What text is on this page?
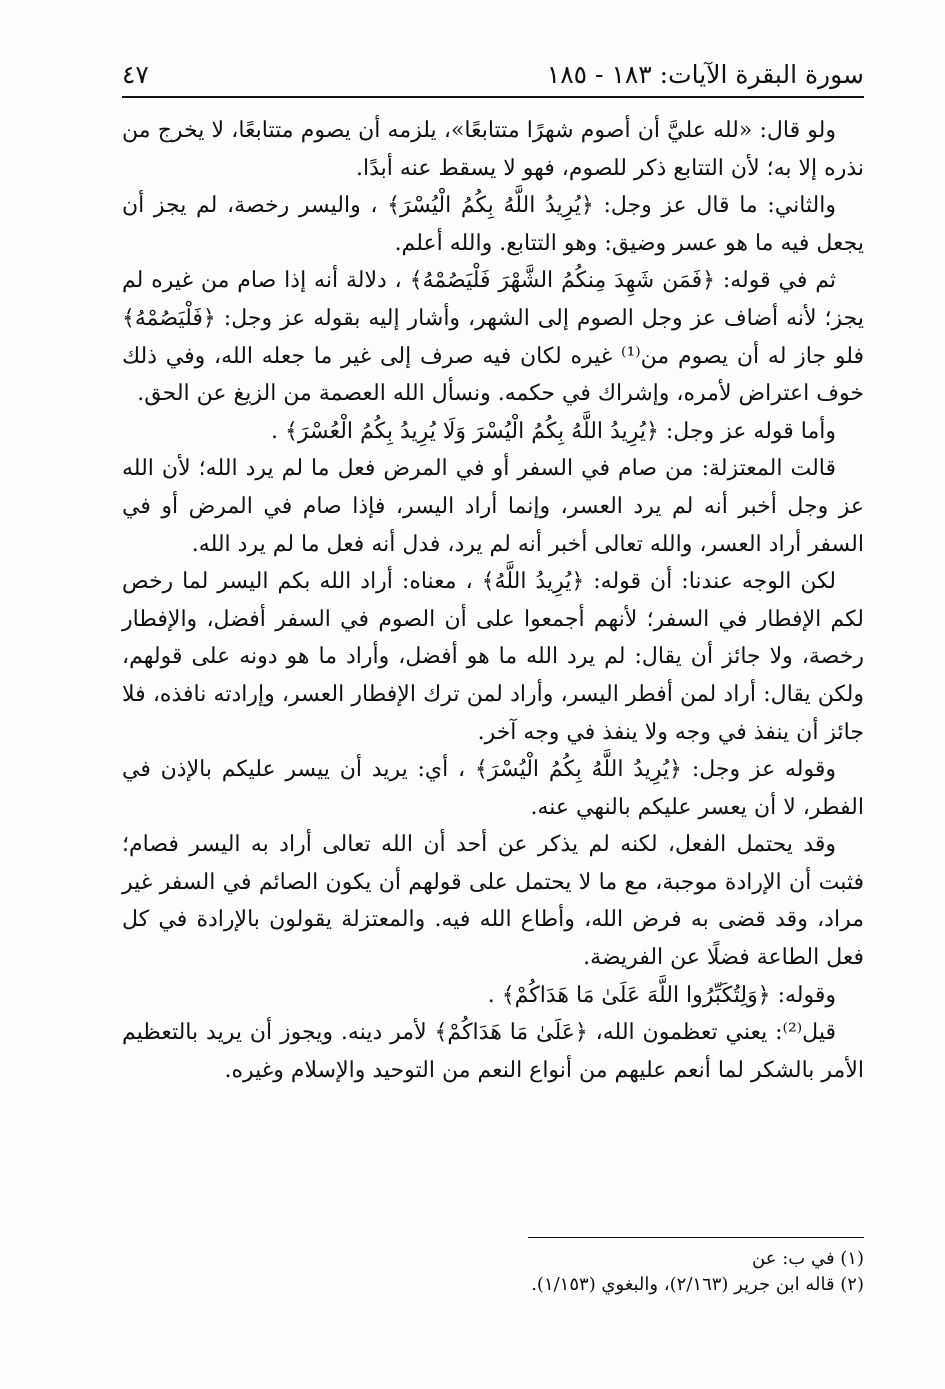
سورة البقرة الآيات: ١٨٣ - ١٨٥
٤٧

ولو قال: «لله عليَّ أن أصوم شهرًا متتابعًا»، يلزمه أن يصوم متتابعًا، لا يخرج من نذره إلا به؛ لأن التتابع ذكر للصوم، فهو لا يسقط عنه أبدًا.

والثاني: ما قال عز وجل: ﴿يُرِيدُ اللَّهُ بِكُمُ الْيُسْرَ﴾ ، واليسر رخصة، لم يجز أن يجعل فيه ما هو عسر وضيق: وهو التتابع. والله أعلم.

ثم في قوله: ﴿فَمَن شَهِدَ مِنكُمُ الشَّهْرَ فَلْيَصُمْهُ﴾ ، دلالة أنه إذا صام من غيره لم يجز؛ لأنه أضاف عز وجل الصوم إلى الشهر، وأشار إليه بقوله عز وجل: ﴿فَلْيَصُمْهُ﴾ فلو جاز له أن يصوم من⁽¹⁾ غيره لكان فيه صرف إلى غير ما جعله الله، وفي ذلك خوف اعتراض لأمره، وإشراك في حكمه. ونسأل الله العصمة من الزيغ عن الحق.

وأما قوله عز وجل: ﴿يُرِيدُ اللَّهُ بِكُمُ الْيُسْرَ وَلَا يُرِيدُ بِكُمُ الْعُسْرَ﴾ .

قالت المعتزلة: من صام في السفر أو في المرض فعل ما لم يرد الله؛ لأن الله عز وجل أخبر أنه لم يرد العسر، وإنما أراد اليسر، فإذا صام في المرض أو في السفر أراد العسر، والله تعالى أخبر أنه لم يرد، فدل أنه فعل ما لم يرد الله.

لكن الوجه عندنا: أن قوله: ﴿يُرِيدُ اللَّهُ﴾ ، معناه: أراد الله بكم اليسر لما رخص لكم الإفطار في السفر؛ لأنهم أجمعوا على أن الصوم في السفر أفضل، والإفطار رخصة، ولا جائز أن يقال: لم يرد الله ما هو أفضل، وأراد ما هو دونه على قولهم، ولكن يقال: أراد لمن أفطر اليسر، وأراد لمن ترك الإفطار العسر، وإرادته نافذه، فلا جائز أن ينفذ في وجه ولا ينفذ في وجه آخر.

وقوله عز وجل: ﴿يُرِيدُ اللَّهُ بِكُمُ الْيُسْرَ﴾ ، أي: يريد أن ييسر عليكم بالإذن في الفطر، لا أن يعسر عليكم بالنهي عنه.

وقد يحتمل الفعل، لكنه لم يذكر عن أحد أن الله تعالى أراد به اليسر فصام؛ فثبت أن الإرادة موجبة، مع ما لا يحتمل على قولهم أن يكون الصائم في السفر غير مراد، وقد قضى به فرض الله، وأطاع الله فيه. والمعتزلة يقولون بالإرادة في كل فعل الطاعة فضلًا عن الفريضة.

وقوله: ﴿وَلِتُكَبِّرُوا اللَّهَ عَلَىٰ مَا هَدَاكُمْ﴾ .

قيل⁽²⁾: يعني تعظمون الله، ﴿عَلَىٰ مَا هَدَاكُمْ﴾ لأمر دينه. ويجوز أن يريد بالتعظيم الأمر بالشكر لما أنعم عليهم من أنواع النعم من التوحيد والإسلام وغيره.

(١) في ب: عن
(٢) قاله ابن جرير (٢/١٦٣)، والبغوي (١/١٥٣).
